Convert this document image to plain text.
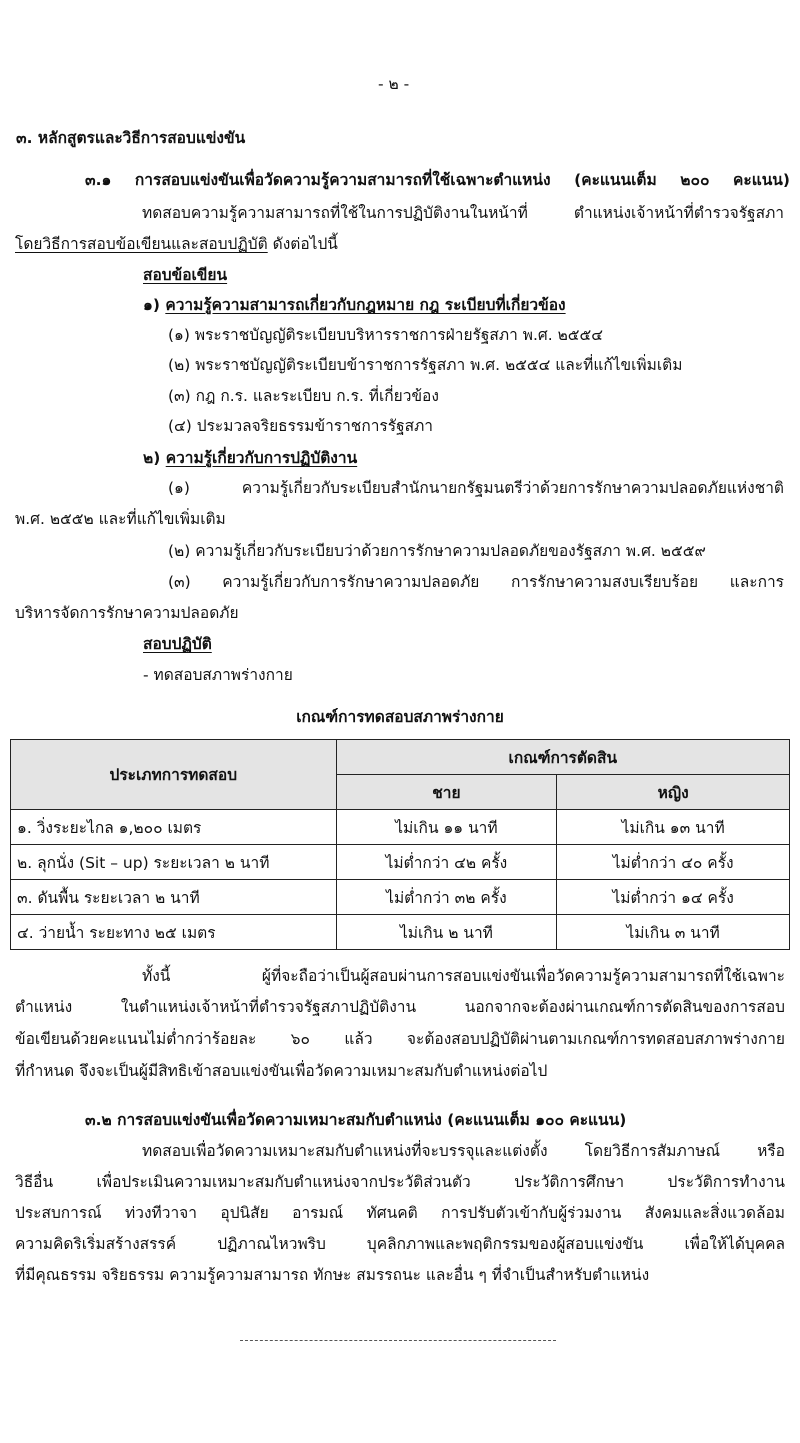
- ๒ -
๓. หลักสูตรและวิธีการสอบแข่งขัน
๓.๑ การสอบแข่งขันเพื่อวัดความรู้ความสามารถที่ใช้เฉพาะตำแหน่ง (คะแนนเต็ม ๒๐๐ คะแนน)
ทดสอบความรู้ความสามารถที่ใช้ในการปฏิบัติงานในหน้าที่ ตำแหน่งเจ้าหน้าที่ตำรวจรัฐสภา
โดยวิธีการสอบข้อเขียนและสอบปฏิบัติ ดังต่อไปนี้
สอบข้อเขียน
๑) ความรู้ความสามารถเกี่ยวกับกฎหมาย กฎ ระเบียบที่เกี่ยวข้อง
(๑) พระราชบัญญัติระเบียบบริหารราชการฝ่ายรัฐสภา พ.ศ. ๒๕๕๔
(๒) พระราชบัญญัติระเบียบข้าราชการรัฐสภา พ.ศ. ๒๕๕๔ และที่แก้ไขเพิ่มเติม
(๓) กฎ ก.ร. และระเบียบ ก.ร. ที่เกี่ยวข้อง
(๔) ประมวลจริยธรรมข้าราชการรัฐสภา
๒) ความรู้เกี่ยวกับการปฏิบัติงาน
(๑) ความรู้เกี่ยวกับระเบียบสำนักนายกรัฐมนตรีว่าด้วยการรักษาความปลอดภัยแห่งชาติ
พ.ศ. ๒๕๕๒ และที่แก้ไขเพิ่มเติม
(๒) ความรู้เกี่ยวกับระเบียบว่าด้วยการรักษาความปลอดภัยของรัฐสภา พ.ศ. ๒๕๕๙
(๓) ความรู้เกี่ยวกับการรักษาความปลอดภัย การรักษาความสงบเรียบร้อย และการ
บริหารจัดการรักษาความปลอดภัย
สอบปฏิบัติ
- ทดสอบสภาพร่างกาย
เกณฑ์การทดสอบสภาพร่างกาย
ประเภทการทดสอบ	เกณฑ์การตัดสิน	
	ชาย	หญิง
๑. วิ่งระยะไกล ๑,๒๐๐ เมตร	ไม่เกิน ๑๑ นาที	ไม่เกิน ๑๓ นาที
๒. ลุกนั่ง (Sit – up) ระยะเวลา ๒ นาที	ไม่ต่ำกว่า ๔๒ ครั้ง	ไม่ต่ำกว่า ๔๐ ครั้ง
๓. ดันพื้น ระยะเวลา ๒ นาที	ไม่ต่ำกว่า ๓๒ ครั้ง	ไม่ต่ำกว่า ๑๔ ครั้ง
๔. ว่ายน้ำ ระยะทาง ๒๕ เมตร	ไม่เกิน ๒ นาที	ไม่เกิน ๓ นาที
ทั้งนี้ ผู้ที่จะถือว่าเป็นผู้สอบผ่านการสอบแข่งขันเพื่อวัดความรู้ความสามารถที่ใช้เฉพาะ
ตำแหน่ง ในตำแหน่งเจ้าหน้าที่ตำรวจรัฐสภาปฏิบัติงาน นอกจากจะต้องผ่านเกณฑ์การตัดสินของการสอบ
ข้อเขียนด้วยคะแนนไม่ต่ำกว่าร้อยละ ๖๐ แล้ว จะต้องสอบปฏิบัติผ่านตามเกณฑ์การทดสอบสภาพร่างกาย
ที่กำหนด จึงจะเป็นผู้มีสิทธิเข้าสอบแข่งขันเพื่อวัดความเหมาะสมกับตำแหน่งต่อไป
๓.๒ การสอบแข่งขันเพื่อวัดความเหมาะสมกับตำแหน่ง (คะแนนเต็ม ๑๐๐ คะแนน)
ทดสอบเพื่อวัดความเหมาะสมกับตำแหน่งที่จะบรรจุและแต่งตั้ง โดยวิธีการสัมภาษณ์ หรือ
วิธีอื่น เพื่อประเมินความเหมาะสมกับตำแหน่งจากประวัติส่วนตัว ประวัติการศึกษา ประวัติการทำงาน
ประสบการณ์ ท่วงทีวาจา อุปนิสัย อารมณ์ ทัศนคติ การปรับตัวเข้ากับผู้ร่วมงาน สังคมและสิ่งแวดล้อม
ความคิดริเริ่มสร้างสรรค์ ปฏิภาณไหวพริบ บุคลิกภาพและพฤติกรรมของผู้สอบแข่งขัน เพื่อให้ได้บุคคล
ที่มีคุณธรรม จริยธรรม ความรู้ความสามารถ ทักษะ สมรรถนะ และอื่น ๆ ที่จำเป็นสำหรับตำแหน่ง
